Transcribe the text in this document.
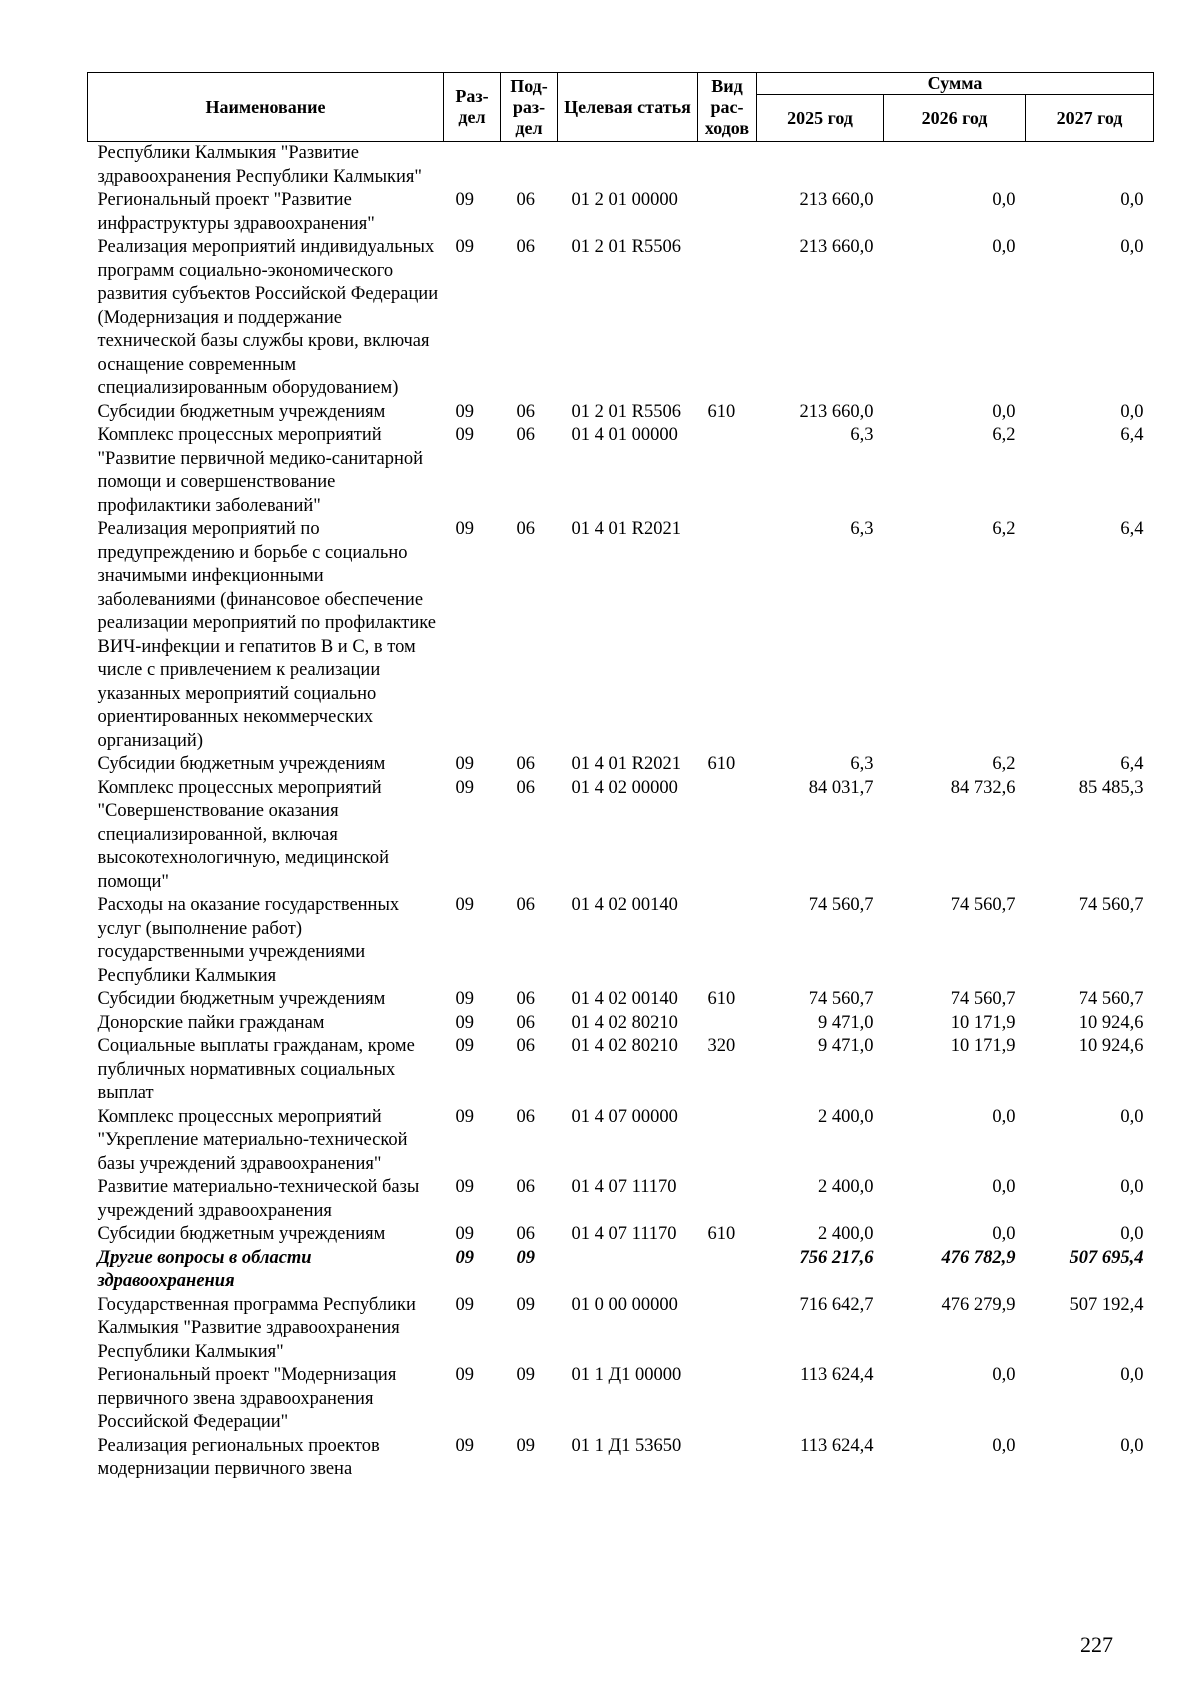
Наименование	Раз- дел	Под- раз- дел	Целевая статья	Вид рас- ходов	Сумма		
					2025 год	2026 год	2027 год
Республики Калмыкия "Развитие здравоохранения Республики Калмыкия"							
Региональный проект "Развитие инфраструктуры здравоохранения"	09	06	01 2 01 00000		213 660,0	0,0	0,0
Реализация мероприятий индивидуальных программ социально-экономического развития субъектов Российской Федерации (Модернизация и поддержание технической базы службы крови, включая оснащение современным специализированным оборудованием)	09	06	01 2 01 R5506		213 660,0	0,0	0,0
Субсидии бюджетным учреждениям	09	06	01 2 01 R5506	610	213 660,0	0,0	0,0
Комплекс процессных мероприятий "Развитие первичной медико-санитарной помощи и совершенствование профилактики заболеваний"	09	06	01 4 01 00000		6,3	6,2	6,4
Реализация мероприятий по предупреждению и борьбе с социально значимыми инфекционными заболеваниями (финансовое обеспечение реализации мероприятий по профилактике ВИЧ-инфекции и гепатитов B и C, в том числе с привлечением к реализации указанных мероприятий социально ориентированных некоммерческих организаций)	09	06	01 4 01 R2021		6,3	6,2	6,4
Субсидии бюджетным учреждениям	09	06	01 4 01 R2021	610	6,3	6,2	6,4
Комплекс процессных мероприятий "Совершенствование оказания специализированной, включая высокотехнологичную, медицинской помощи"	09	06	01 4 02 00000		84 031,7	84 732,6	85 485,3
Расходы на оказание государственных услуг (выполнение работ) государственными учреждениями Республики Калмыкия	09	06	01 4 02 00140		74 560,7	74 560,7	74 560,7
Субсидии бюджетным учреждениям	09	06	01 4 02 00140	610	74 560,7	74 560,7	74 560,7
Донорские пайки гражданам	09	06	01 4 02 80210		9 471,0	10 171,9	10 924,6
Социальные выплаты гражданам, кроме публичных нормативных социальных выплат	09	06	01 4 02 80210	320	9 471,0	10 171,9	10 924,6
Комплекс процессных мероприятий "Укрепление материально-технической базы учреждений здравоохранения"	09	06	01 4 07 00000		2 400,0	0,0	0,0
Развитие материально-технической базы учреждений здравоохранения	09	06	01 4 07 11170		2 400,0	0,0	0,0
Субсидии бюджетным учреждениям	09	06	01 4 07 11170	610	2 400,0	0,0	0,0
Другие вопросы в области здравоохранения	09	09			756 217,6	476 782,9	507 695,4
Государственная программа Республики Калмыкия "Развитие здравоохранения Республики Калмыкия"	09	09	01 0 00 00000		716 642,7	476 279,9	507 192,4
Региональный проект "Модернизация первичного звена здравоохранения Российской Федерации"	09	09	01 1 Д1 00000		113 624,4	0,0	0,0
Реализация региональных проектов модернизации первичного звена	09	09	01 1 Д1 53650		113 624,4	0,0	0,0
227
